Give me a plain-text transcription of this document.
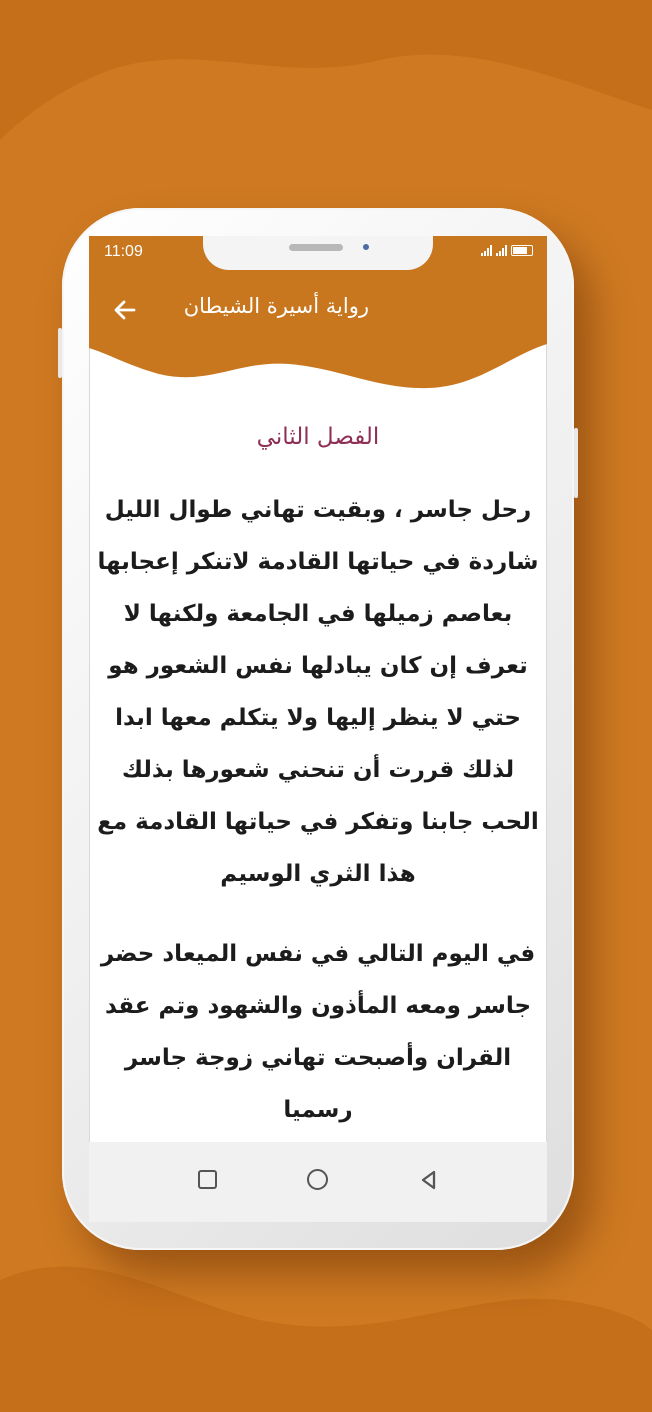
11:09
رواية أسيرة الشيطان
الفصل الثاني

رحل جاسر ، وبقيت تهاني طوال الليل شاردة في حياتها القادمة لاتنكر إعجابها بعاصم زميلها في الجامعة ولكنها لا تعرف إن كان يبادلها نفس الشعور هو حتي لا ينظر إليها ولا يتكلم معها ابدا لذلك قررت أن تنحني شعورها بذلك الحب جابنا وتفكر في حياتها القادمة مع هذا الثري الوسيم

في اليوم التالي في نفس الميعاد حضر جاسر ومعه المأذون والشهود وتم عقد القران وأصبحت تهاني زوجة جاسر رسميا
